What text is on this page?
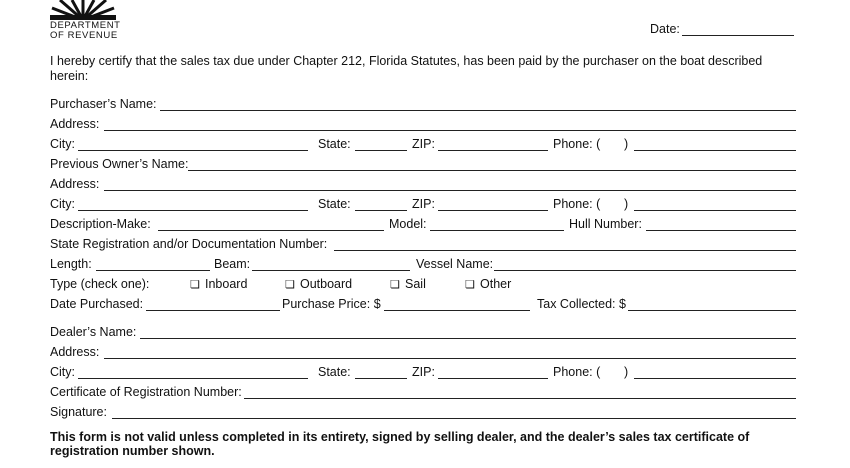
DEPARTMENT
OF REVENUE	Date:
I hereby certify that the sales tax due under Chapter 212, Florida Statutes, has been paid by the purchaser on the boat described herein:
Purchaser’s Name:
Address:
City:	State:	ZIP:	Phone: ( )
Previous Owner’s Name:
Address:
City:	State:	ZIP:	Phone: ( )
Description-Make:	Model:	Hull Number:
State Registration and/or Documentation Number:
Length:	Beam:	Vessel Name:
Type (check one):	❏ Inboard	❏ Outboard	❏ Sail	❏ Other
Date Purchased:	Purchase Price: $	Tax Collected: $
Dealer’s Name:
Address:
City:	State:	ZIP:	Phone: ( )
Certificate of Registration Number:
Signature:
This form is not valid unless completed in its entirety, signed by selling dealer, and the dealer’s sales tax certificate of registration number shown.
